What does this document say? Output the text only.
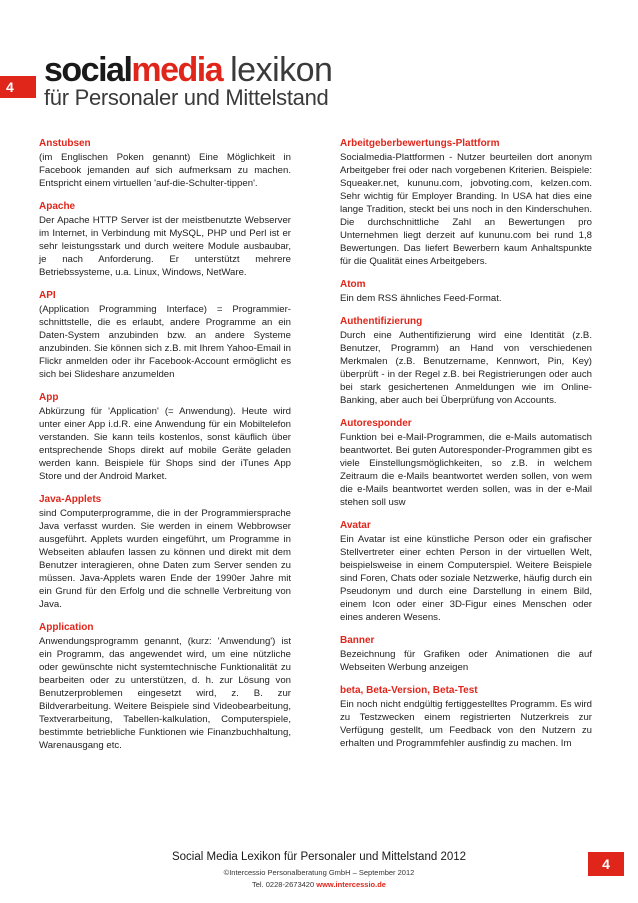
4 socialmedia lexikon
für Personaler und Mittelstand
Anstubsen
(im Englischen Poken genannt) Eine Möglichkeit in Facebook jemanden auf sich aufmerksam zu machen. Entspricht einem virtuellen 'auf-die-Schulter-tippen'.
Apache
Der Apache HTTP Server ist der meistbenutzte Webserver im Internet, in Verbindung mit MySQL, PHP und Perl ist er sehr leistungsstark und durch weitere Module ausbaubar, je nach Anforderung. Er unterstützt mehrere Betriebssysteme, u.a. Linux, Windows, NetWare.
API
(Application Programming Interface) = Programmier-schnittstelle, die es erlaubt, andere Programme an ein Daten-System anzubinden bzw. an andere Systeme anzubinden. Sie können sich z.B. mit Ihrem Yahoo-Email in Flickr anmelden oder ihr Facebook-Account ermöglicht es sich bei Slideshare anzumelden
App
Abkürzung für 'Application' (= Anwendung). Heute wird unter einer App i.d.R. eine Anwendung für ein Mobiltelefon verstanden. Sie kann teils kostenlos, sonst käuflich über entsprechende Shops direkt auf mobile Geräte geladen werden kann. Beispiele für Shops sind der iTunes App Store und der Android Market.
Java-Applets
sind Computerprogramme, die in der Programmiersprache Java verfasst wurden. Sie werden in einem Webbrowser ausgeführt. Applets wurden eingeführt, um Programme in Webseiten ablaufen lassen zu können und direkt mit dem Benutzer interagieren, ohne Daten zum Server senden zu müssen. Java-Applets waren Ende der 1990er Jahre mit ein Grund für den Erfolg und die schnelle Verbreitung von Java.
Application
Anwendungsprogramm genannt, (kurz: 'Anwendung') ist ein Programm, das angewendet wird, um eine nützliche oder gewünschte nicht systemtechnische Funktionalität zu bearbeiten oder zu unterstützen, d. h. zur Lösung von Benutzerproblemen eingesetzt wird, z. B. zur Bildverarbeitung. Weitere Beispiele sind Videobearbeitung, Textverarbeitung, Tabellen-kalkulation, Computerspiele, bestimmte betriebliche Funktionen wie Finanzbuchhaltung, Warenausgang etc.
Arbeitgeberbewertungs-Plattform
Socialmedia-Plattformen - Nutzer beurteilen dort anonym Arbeitgeber frei oder nach vorgebenen Kriterien. Beispiele: Squeaker.net, kununu.com, jobvoting.com, kelzen.com. Sehr wichtig für Employer Branding. In USA hat dies eine lange Tradition, steckt bei uns noch in den Kinderschuhen. Die durchschnittliche Zahl an Bewertungen pro Unternehmen liegt derzeit auf kununu.com bei rund 1,8 Bewertungen. Das liefert Bewerbern kaum Anhaltspunkte für die Qualität eines Arbeitgebers.
Atom
Ein dem RSS ähnliches Feed-Format.
Authentifizierung
Durch eine Authentifizierung wird eine Identität (z.B. Benutzer, Programm) an Hand von verschiedenen Merkmalen (z.B. Benutzername, Kennwort, Pin, Key) überprüft - in der Regel z.B. bei Registrierungen oder auch bei stark gesichertenen Anmeldungen wie im Online-Banking, aber auch bei Überprüfung von Accounts.
Autoresponder
Funktion bei e-Mail-Programmen, die e-Mails automatisch beantwortet. Bei guten Autoresponder-Programmen gibt es viele Einstellungsmöglichkeiten, so z.B. in welchem Zeitraum die e-Mails beantwortet werden sollen, von wem die e-Mails beantwortet werden sollen, was in der e-Mail stehen soll usw
Avatar
Ein Avatar ist eine künstliche Person oder ein grafischer Stellvertreter einer echten Person in der virtuellen Welt, beispielsweise in einem Computerspiel. Weitere Beispiele sind Foren, Chats oder soziale Netzwerke, häufig durch ein Pseudonym und durch eine Darstellung in einem Bild, einem Icon oder einer 3D-Figur eines Menschen oder eines anderen Wesens.
Banner
Bezeichnung für Grafiken oder Animationen die auf Webseiten Werbung anzeigen
beta, Beta-Version, Beta-Test
Ein noch nicht endgültig fertiggestelltes Programm. Es wird zu Testzwecken einem registrierten Nutzerkreis zur Verfügung gestellt, um Feedback von den Nutzern zu erhalten und Programmfehler ausfindig zu machen. Im
Social Media Lexikon für Personaler und Mittelstand 2012
©Intercessio Personalberatung GmbH – September 2012
Tel. 0228-2673420 www.intercessio.de
4
